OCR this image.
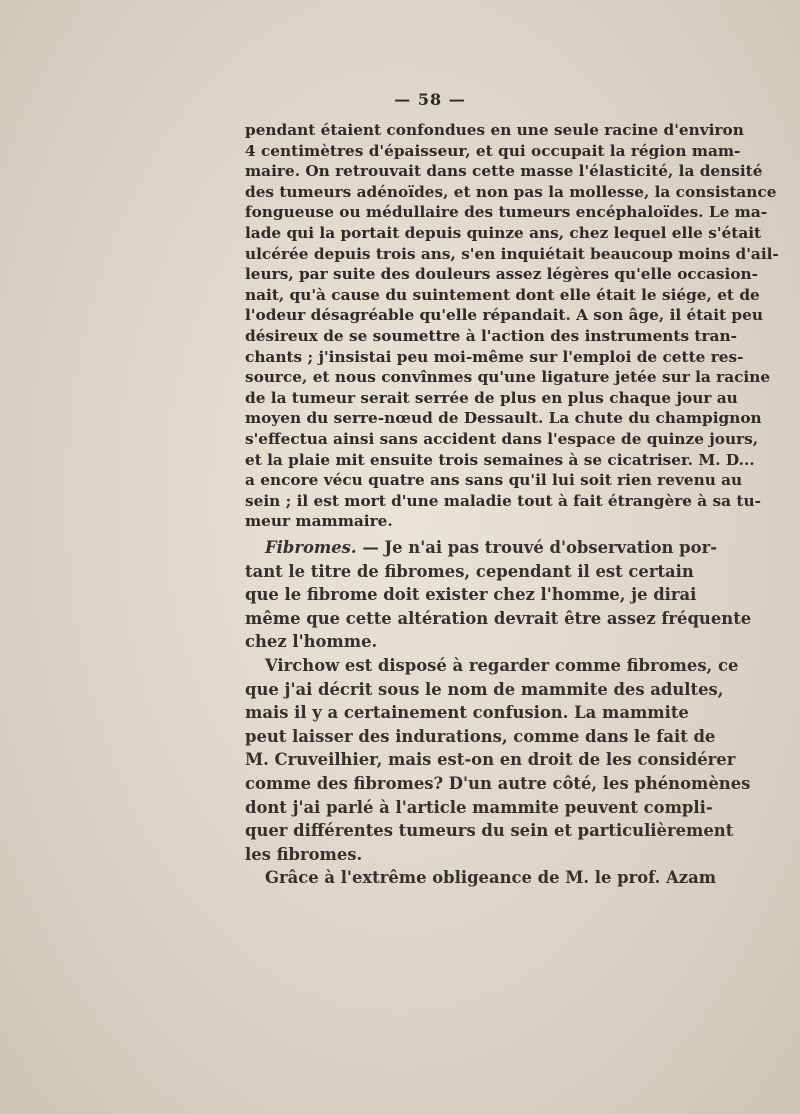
— 58 —
pendant étaient confondues en une seule racine d'environ
4 centimètres d'épaisseur, et qui occupait la région mam-
maire. On retrouvait dans cette masse l'élasticité, la densité
des tumeurs adénoïdes, et non pas la mollesse, la consistance
fongueuse ou médullaire des tumeurs encéphaloïdes. Le ma-
lade qui la portait depuis quinze ans, chez lequel elle s'était
ulcérée depuis trois ans, s'en inquiétait beaucoup moins d'ail-
leurs, par suite des douleurs assez légères qu'elle occasion-
nait, qu'à cause du suintement dont elle était le siége, et de
l'odeur désagréable qu'elle répandait. A son âge, il était peu
désireux de se soumettre à l'action des instruments tran-
chants ; j'insistai peu moi-même sur l'emploi de cette res-
source, et nous convînmes qu'une ligature jetée sur la racine
de la tumeur serait serrée de plus en plus chaque jour au
moyen du serre-nœud de Dessault. La chute du champignon
s'effectua ainsi sans accident dans l'espace de quinze jours,
et la plaie mit ensuite trois semaines à se cicatriser. M. D...
a encore vécu quatre ans sans qu'il lui soit rien revenu au
sein ; il est mort d'une maladie tout à fait étrangère à sa tu-
meur mammaire.
Fibromes. — Je n'ai pas trouvé d'observation por-
tant le titre de fibromes, cependant il est certain
que le fibrome doit exister chez l'homme, je dirai
même que cette altération devrait être assez fréquente
chez l'homme.
Virchow est disposé à regarder comme fibromes, ce
que j'ai décrit sous le nom de mammite des adultes,
mais il y a certainement confusion. La mammite
peut laisser des indurations, comme dans le fait de
M. Cruveilhier, mais est-on en droit de les considérer
comme des fibromes? D'un autre côté, les phénomènes
dont j'ai parlé à l'article mammite peuvent compli-
quer différentes tumeurs du sein et particulièrement
les fibromes.
Grâce à l'extrême obligeance de M. le prof. Azam
